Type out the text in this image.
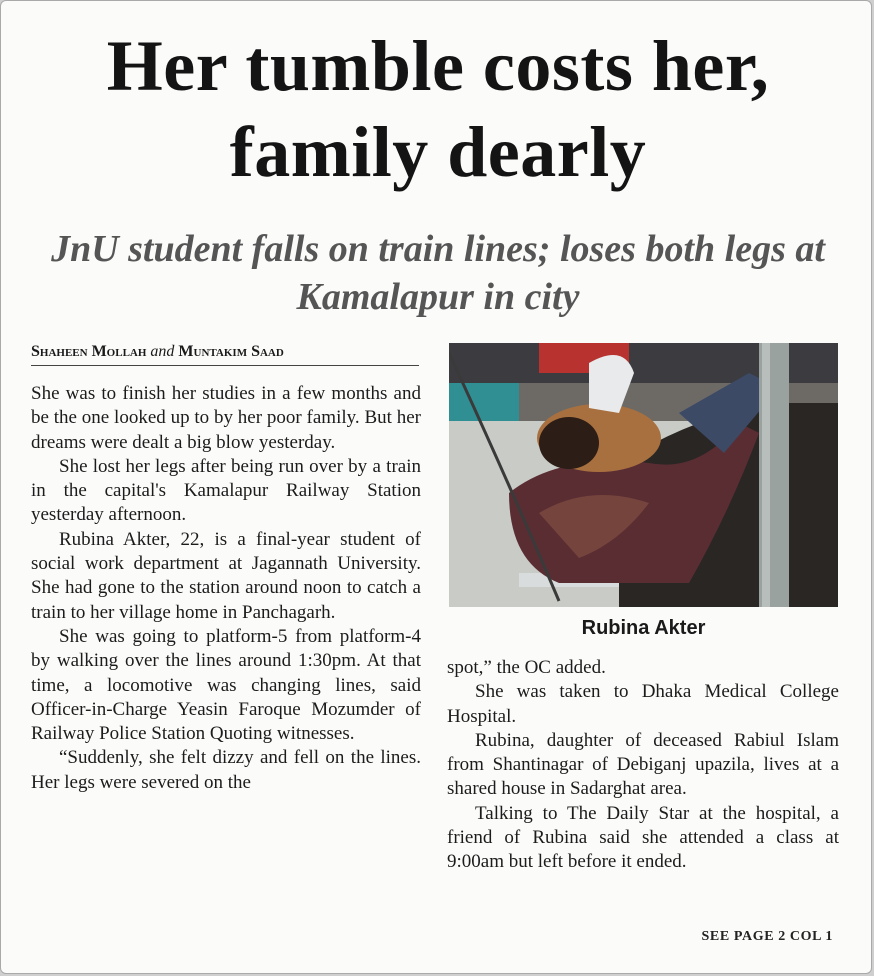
Her tumble costs her, family dearly
JnU student falls on train lines; loses both legs at Kamalapur in city
Shaheen Mollah and Muntakim Saad

She was to finish her studies in a few months and be the one looked up to by her poor family. But her dreams were dealt a big blow yesterday.

She lost her legs after being run over by a train in the capital's Kamalapur Railway Station yesterday afternoon.

Rubina Akter, 22, is a final-year student of social work department at Jagannath University. She had gone to the station around noon to catch a train to her village home in Panchagarh.

She was going to platform-5 from platform-4 by walking over the lines around 1:30pm. At that time, a locomotive was changing lines, said Officer-in-Charge Yeasin Faroque Mozumder of Railway Police Station Quoting witnesses.

“Suddenly, she felt dizzy and fell on the lines. Her legs were severed on the

Rubina Akter

spot,” the OC added.

She was taken to Dhaka Medical College Hospital.

Rubina, daughter of deceased Rabiul Islam from Shantinagar of Debiganj upazila, lives at a shared house in Sadarghat area.

Talking to The Daily Star at the hospital, a friend of Rubina said she attended a class at 9:00am but left before it ended.

SEE PAGE 2 COL 1
